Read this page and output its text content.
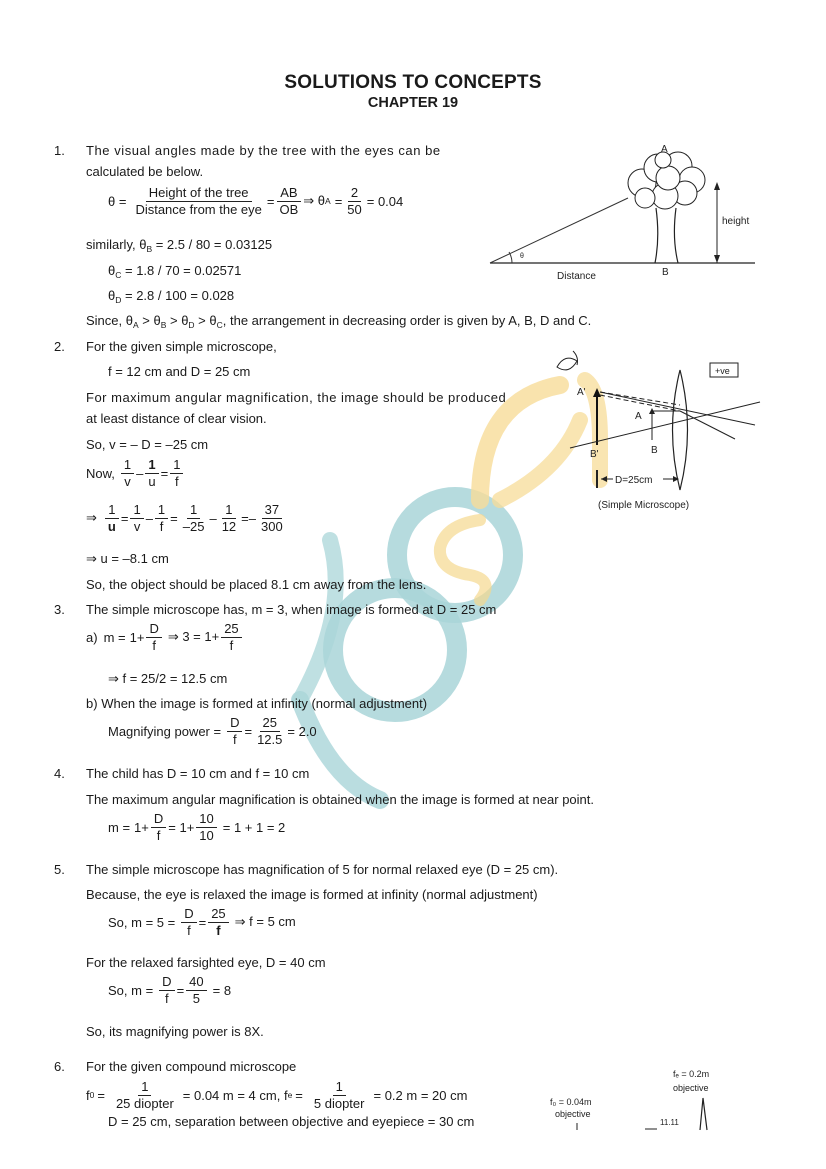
SOLUTIONS TO CONCEPTS
CHAPTER 19
1. The visual angles made by the tree with the eyes can be
calculated be below.
$\theta = \frac{\text{Height of the tree}}{\text{Distance from the eye}} = \frac{AB}{OB}$ ⇒ θ $A = \frac{2}{50} = 0.04$
similarly, $\theta_B = 2.5 / 80 = 0.03125$
$\theta_C = 1.8 / 70 = 0.02571$
$\theta_D = 2.8 / 100 = 0.028$
Since, $\theta_A > \theta_B > \theta_D > \theta_C$, the arrangement in decreasing order is given by A, B, D and C.
A
B
θ
height
Distance
2. For the given simple microscope,
f = 12 cm and D = 25 cm
For maximum angular magnification, the image should be produced
at least distance of clear vision.
So, v = – D = –25 cm
Now, $\frac{1}{v} - \frac{1}{u} = \frac{1}{f}$
⇒ $\frac{1}{u} = \frac{1}{v} - \frac{1}{f} = \frac{1}{-25} - \frac{1}{12}$ = – $\frac{37}{300}$
⇒ u = –8.1 cm
So, the object should be placed 8.1 cm away from the lens.
+ve
A'
B'
A
B
D=25cm
(Simple Microscope)
3. The simple microscope has, m = 3, when image is formed at D = 25 cm
a) $m = 1+ \frac{D}{f}$ ⇒ $3 = 1+ \frac{25}{f}$
⇒ f = 25/2 = 12.5 cm
b) When the image is formed at infinity (normal adjustment)
Magnifying power = $\frac{D}{f} = \frac{25}{12.5} = 2.0$
4. The child has D = 10 cm and f = 10 cm
The maximum angular magnification is obtained when the image is formed at near point.
$m = 1+ \frac{D}{f} = 1+ \frac{10}{10} = 1 + 1 = 2$
5. The simple microscope has magnification of 5 for normal relaxed eye (D = 25 cm).
Because, the eye is relaxed the image is formed at infinity (normal adjustment)
So, $m = 5 = \frac{D}{f} = \frac{25}{f}$ ⇒ f = 5 cm
For the relaxed farsighted eye, D = 40 cm
So, $m = \frac{D}{f} = \frac{40}{5} = 8$
So, its magnifying power is 8X.
6. For the given compound microscope
f $0 = \frac{1}{\text{25 diopter}} = 0.04$ m = 4 cm, f $e = \frac{1}{\text{5 diopter}} = 0.2$ m = 20 cm
D = 25 cm, separation between objective and eyepiece = 30 cm
f₀ = 0.04m
objective
fₑ = 0.2m
objective
11.11
